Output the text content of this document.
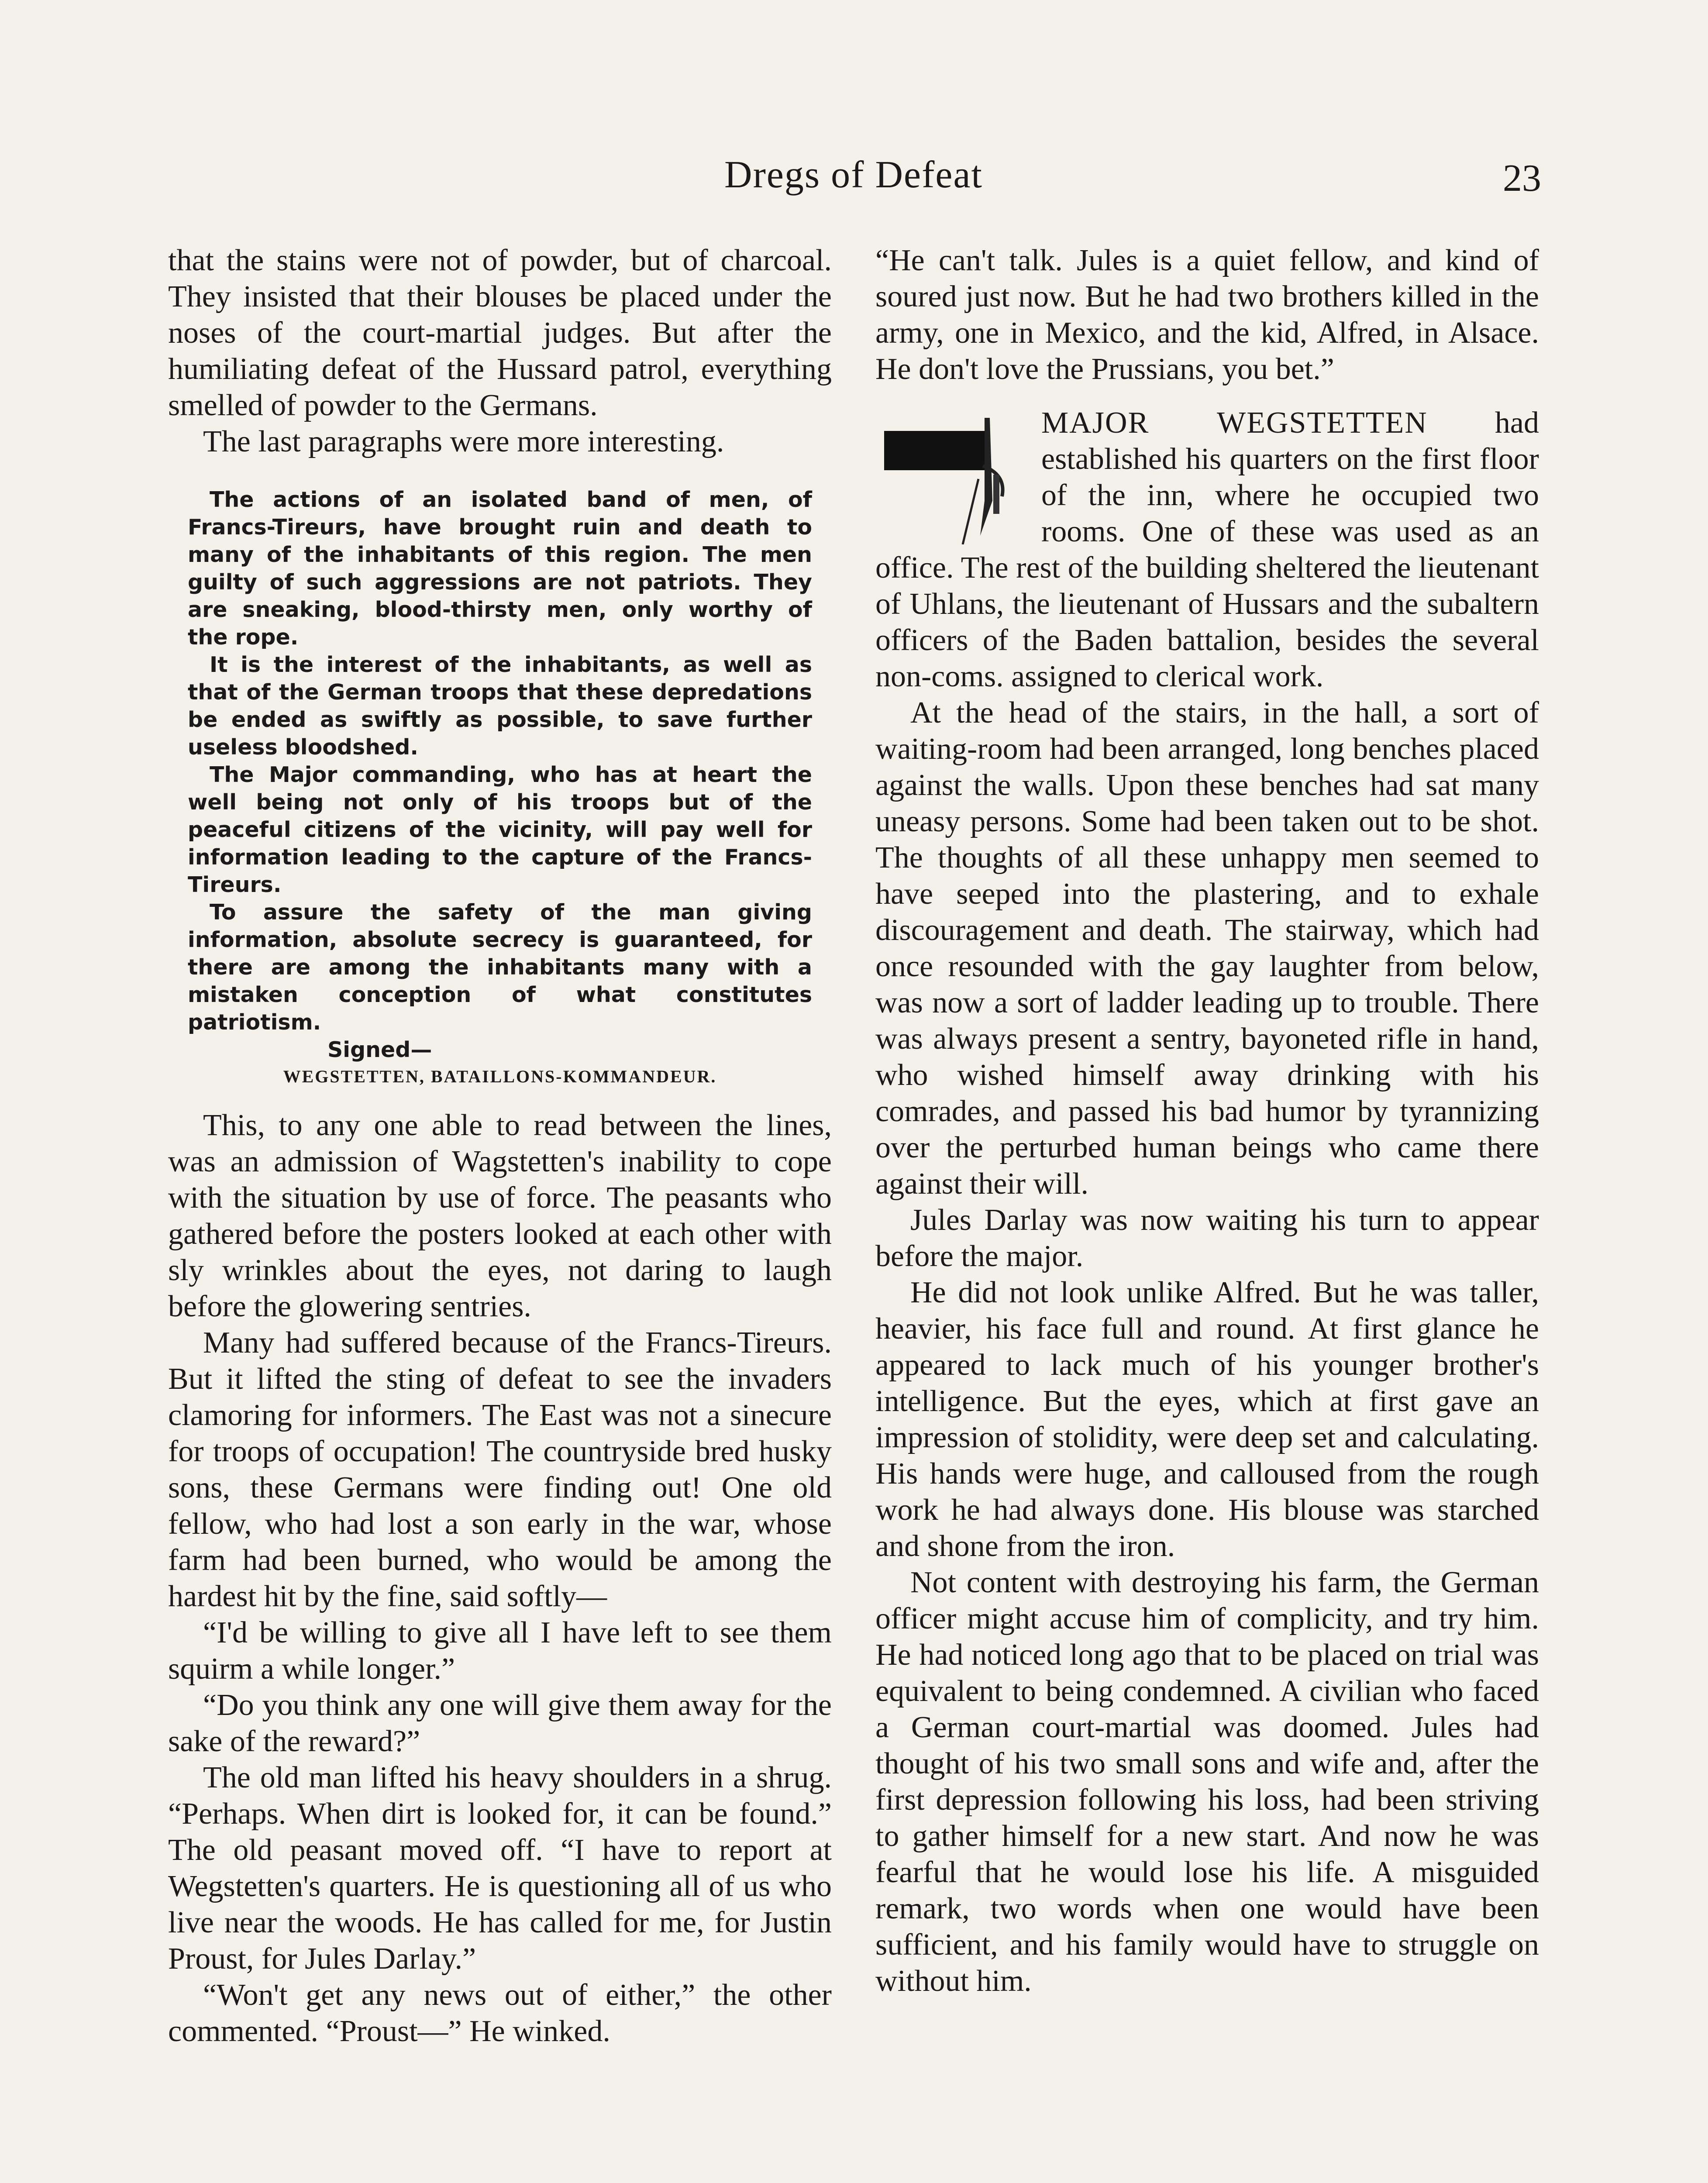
Dregs of Defeat	23

that the stains were not of powder, but of charcoal. They insisted that their blouses be placed under the noses of the court-martial judges. But after the humiliating defeat of the Hussard patrol, everything smelled of powder to the Germans.

The last paragraphs were more interesting.

The actions of an isolated band of men, of Francs-Tireurs, have brought ruin and death to many of the inhabitants of this region. The men guilty of such aggressions are not patriots. They are sneaking, blood-thirsty men, only worthy of the rope.

It is the interest of the inhabitants, as well as that of the German troops that these depredations be ended as swiftly as possible, to save further useless bloodshed.

The Major commanding, who has at heart the well being not only of his troops but of the peaceful citizens of the vicinity, will pay well for information leading to the capture of the Francs-Tireurs.

To assure the safety of the man giving information, absolute secrecy is guaranteed, for there are among the inhabitants many with a mistaken conception of what constitutes patriotism.

Signed—

WEGSTETTEN, BATAILLONS-KOMMANDEUR.

This, to any one able to read between the lines, was an admission of Wagstetten's inability to cope with the situation by use of force. The peasants who gathered before the posters looked at each other with sly wrinkles about the eyes, not daring to laugh before the glowering sentries.

Many had suffered because of the Francs-Tireurs. But it lifted the sting of defeat to see the invaders clamoring for informers. The East was not a sinecure for troops of occupation! The countryside bred husky sons, these Germans were finding out! One old fellow, who had lost a son early in the war, whose farm had been burned, who would be among the hardest hit by the fine, said softly—

“I'd be willing to give all I have left to see them squirm a while longer.”

“Do you think any one will give them away for the sake of the reward?”

The old man lifted his heavy shoulders in a shrug. “Perhaps. When dirt is looked for, it can be found.” The old peasant moved off. “I have to report at Wegstetten's quarters. He is questioning all of us who live near the woods. He has called for me, for Justin Proust, for Jules Darlay.”

“Won't get any news out of either,” the other commented. “Proust—” He winked.

“He can't talk. Jules is a quiet fellow, and kind of soured just now. But he had two brothers killed in the army, one in Mexico, and the kid, Alfred, in Alsace. He don't love the Prussians, you bet.”

MAJOR WEGSTETTEN had established his quarters on the first floor of the inn, where he occupied two rooms. One of these was used as an office. The rest of the building sheltered the lieutenant of Uhlans, the lieutenant of Hussars and the subaltern officers of the Baden battalion, besides the several non-coms. assigned to clerical work.

At the head of the stairs, in the hall, a sort of waiting-room had been arranged, long benches placed against the walls. Upon these benches had sat many uneasy persons. Some had been taken out to be shot. The thoughts of all these unhappy men seemed to have seeped into the plastering, and to exhale discouragement and death. The stairway, which had once resounded with the gay laughter from below, was now a sort of ladder leading up to trouble. There was always present a sentry, bayoneted rifle in hand, who wished himself away drinking with his comrades, and passed his bad humor by tyrannizing over the perturbed human beings who came there against their will.

Jules Darlay was now waiting his turn to appear before the major.

He did not look unlike Alfred. But he was taller, heavier, his face full and round. At first glance he appeared to lack much of his younger brother's intelligence. But the eyes, which at first gave an impression of stolidity, were deep set and calculating. His hands were huge, and calloused from the rough work he had always done. His blouse was starched and shone from the iron.

Not content with destroying his farm, the German officer might accuse him of complicity, and try him. He had noticed long ago that to be placed on trial was equivalent to being condemned. A civilian who faced a German court-martial was doomed. Jules had thought of his two small sons and wife and, after the first depression following his loss, had been striving to gather himself for a new start. And now he was fearful that he would lose his life. A misguided remark, two words when one would have been sufficient, and his family would have to struggle on without him.
